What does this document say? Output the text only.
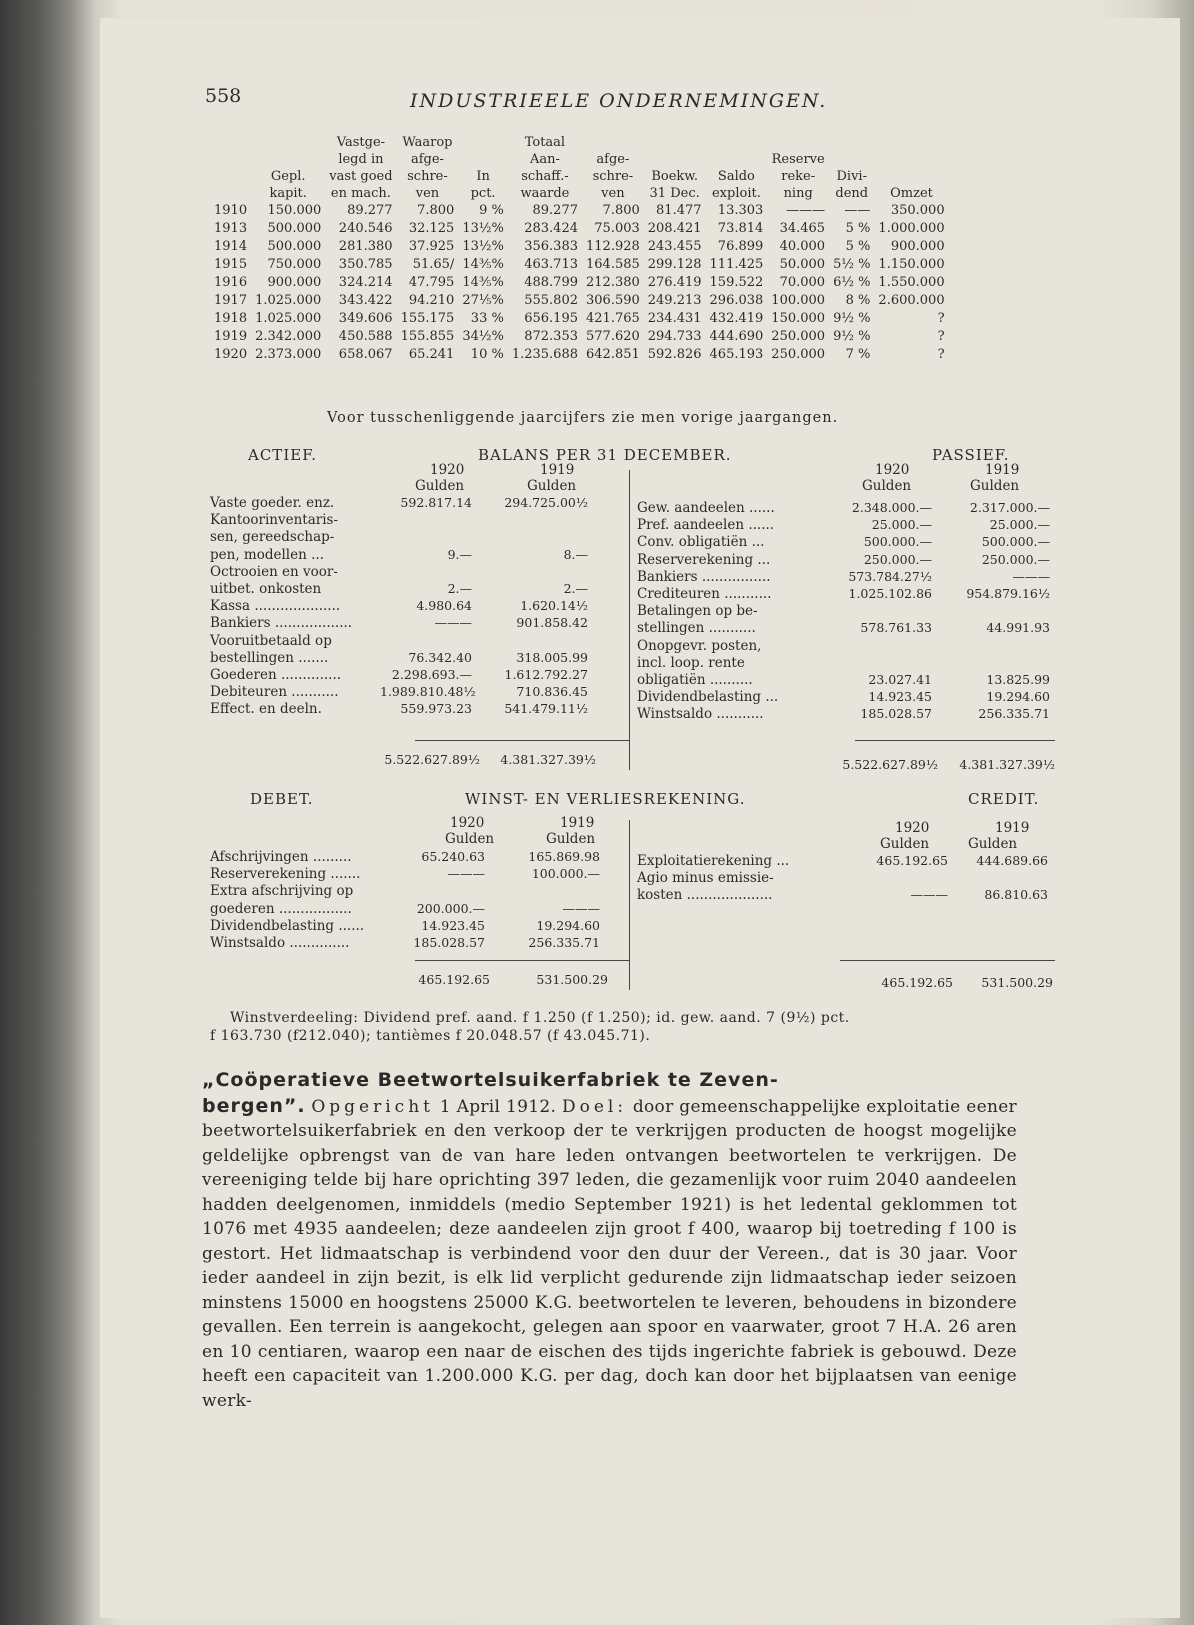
558	INDUSTRIEELE ONDERNEMINGEN.
		Vastge-	Waarop		Totaal						
		legd in	afge-		Aan-	afge-			Reserve		
	Gepl.	vast goed	schre-	In	schaff.-	schre-	Boekw.	Saldo	reke-	Divi-	
	kapit.	en mach.	ven	pct.	waarde	ven	31 Dec.	exploit.	ning	dend	Omzet
1910	150.000	89.277	7.800	9 %	89.277	7.800	81.477	13.303	———	——	350.000
1913	500.000	240.546	32.125	13½%	283.424	75.003	208.421	73.814	34.465	5 %	1.000.000
1914	500.000	281.380	37.925	13½%	356.383	112.928	243.455	76.899	40.000	5 %	900.000
1915	750.000	350.785	51.65/	14⅗%	463.713	164.585	299.128	111.425	50.000	5½ %	1.150.000
1916	900.000	324.214	47.795	14⅗%	488.799	212.380	276.419	159.522	70.000	6½ %	1.550.000
1917	1.025.000	343.422	94.210	27⅕%	555.802	306.590	249.213	296.038	100.000	8 %	2.600.000
1918	1.025.000	349.606	155.175	33 %	656.195	421.765	234.431	432.419	150.000	9½ %	?
1919	2.342.000	450.588	155.855	34½%	872.353	577.620	294.733	444.690	250.000	9½ %	?
1920	2.373.000	658.067	65.241	10 %	1.235.688	642.851	592.826	465.193	250.000	7 %	?
Voor tusschenliggende jaarcijfers zie men vorige jaargangen.
ACTIEF.	BALANS PER 31 DECEMBER.	PASSIEF.
1920	1919
Gulden	Gulden
1920	1919
Gulden	Gulden
Vaste goeder. enz.	592.817.14	294.725.00½
Kantoorinventaris-
sen, gereedschap-
pen, modellen ...	9.—	8.—
Octrooien en voor-
uitbet. onkosten	2.—	2.—
Kassa ....................	4.980.64	1.620.14½
Bankiers ..................	———	901.858.42
Vooruitbetaald op
bestellingen .......	76.342.40	318.005.99
Goederen ..............	2.298.693.—	1.612.792.27
Debiteuren ...........	1.989.810.48½	710.836.45
Effect. en deeln.	559.973.23	541.479.11½
Gew. aandeelen ......	2.348.000.—	2.317.000.—
Pref. aandeelen ......	25.000.—	25.000.—
Conv. obligatiën ...	500.000.—	500.000.—
Reserverekening ...	250.000.—	250.000.—
Bankiers ................	573.784.27½	———
Crediteuren ...........	1.025.102.86	954.879.16½
Betalingen op be-
stellingen ...........	578.761.33	44.991.93
Onopgevr. posten,
incl. loop. rente
obligatiën ..........	23.027.41	13.825.99
Dividendbelasting ...	14.923.45	19.294.60
Winstsaldo ...........	185.028.57	256.335.71
5.522.627.89½	4.381.327.39½	5.522.627.89½	4.381.327.39½
DEBET.	WINST- EN VERLIESREKENING.	CREDIT.
1920	1919
Gulden	Gulden
1920	1919
Gulden	Gulden
Afschrijvingen .........	65.240.63	165.869.98
Reserverekening .......	———	100.000.—
Extra afschrijving op
goederen .................	200.000.—	———
Dividendbelasting ......	14.923.45	19.294.60
Winstsaldo ..............	185.028.57	256.335.71
Exploitatierekening ...	465.192.65	444.689.66
Agio minus emissie-
kosten ....................	———	86.810.63
465.192.65	531.500.29	465.192.65	531.500.29
Winstverdeeling: Dividend pref. aand. f 1.250 (f 1.250); id. gew. aand. 7 (9½) pct.
f 163.730 (f212.040); tantièmes f 20.048.57 (f 43.045.71).
„Coöperatieve Beetwortelsuikerfabriek te Zeven-
bergen”. Opgericht 1 April 1912. Doel: door gemeenschappelijke exploitatie eener beetwortelsuikerfabriek en den verkoop der te verkrijgen producten de hoogst mogelijke geldelijke opbrengst van de van hare leden ontvangen beetwortelen te verkrijgen. De vereeniging telde bij hare oprichting 397 leden, die gezamenlijk voor ruim 2040 aandeelen hadden deelgenomen, inmiddels (medio September 1921) is het ledental geklommen tot 1076 met 4935 aandeelen; deze aandeelen zijn groot f 400, waarop bij toetreding f 100 is gestort. Het lidmaatschap is verbindend voor den duur der Vereen., dat is 30 jaar. Voor ieder aandeel in zijn bezit, is elk lid verplicht gedurende zijn lidmaatschap ieder seizoen minstens 15000 en hoogstens 25000 K.G. beetwortelen te leveren, behoudens in bizondere gevallen. Een terrein is aangekocht, gelegen aan spoor en vaarwater, groot 7 H.A. 26 aren en 10 centiaren, waarop een naar de eischen des tijds ingerichte fabriek is gebouwd. Deze heeft een capaciteit van 1.200.000 K.G. per dag, doch kan door het bijplaatsen van eenige werk-
